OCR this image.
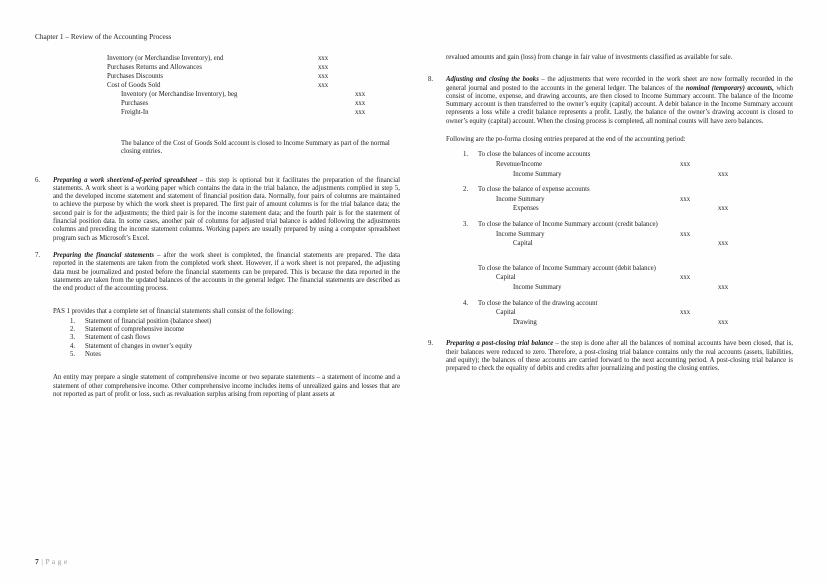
Chapter 1 – Review of the Accounting Process
Inventory (or Merchandise Inventory), end	xxx
Purchases Returns and Allowances	xxx
Purchases Discounts	xxx
Cost of Goods Sold	xxx
Inventory (or Merchandise Inventory), beg	xxx
Purchases	xxx
Freight-In	xxx

The balance of the Cost of Goods Sold account is closed to Income Summary as part of the normal closing entries.

6.	Preparing a work sheet/end-of-period spreadsheet – this step is optional but it facilitates the preparation of the financial statements. A work sheet is a working paper which contains the data in the trial balance, the adjustments complied in step 5, and the developed income statement and statement of financial position data. Normally, four pairs of columns are maintained to achieve the purpose by which the work sheet is prepared. The first pair of amount columns is for the trial balance data; the second pair is for the adjustments; the third pair is for the income statement data; and the fourth pair is for the statement of financial position data. In some cases, another pair of columns for adjusted trial balance is added following the adjustments columns and preceding the income statement columns. Working papers are usually prepared by using a computer spreadsheet program such as Microsoft’s Excel.

7.	Preparing the financial statements – after the work sheet is completed, the financial statements are prepared. The data reported in the statements are taken from the completed work sheet. However, if a work sheet is not prepared, the adjusting data must be journalized and posted before the financial statements can be prepared. This is because the data reported in the statements are taken from the updated balances of the accounts in the general ledger. The financial statements are described as the end product of the accounting process.

PAS 1 provides that a complete set of financial statements shall consist of the following:

1.	Statement of financial position (balance sheet)
2.	Statement of comprehensive income
3.	Statement of cash flows
4.	Statement of changes in owner’s equity
5.	Notes

An entity may prepare a single statement of comprehensive income or two separate statements – a statement of income and a statement of other comprehensive income. Other comprehensive income includes items of unrealized gains and losses that are not reported as part of profit or loss, such as revaluation surplus arising from reporting of plant assets at

revalued amounts and gain (loss) from change in fair value of investments classified as available for sale.

8.	Adjusting and closing the books – the adjustments that were recorded in the work sheet are now formally recorded in the general journal and posted to the accounts in the general ledger. The balances of the nominal (temporary) accounts, which consist of income, expense, and drawing accounts, are then closed to Income Summary account. The balance of the Income Summary account is then transferred to the owner’s equity (capital) account. A debit balance in the Income Summary account represents a loss while a credit balance represents a profit. Lastly, the balance of the owner’s drawing account is closed to owner’s equity (capital) account. When the closing process is completed, all nominal counts will have zero balances.

Following are the po-forma closing entries prepared at the end of the accounting period:

1.	To close the balances of income accounts
Revenue/Income	xxx
Income Summary	xxx
2.	To close the balance of expense accounts
Income Summary	xxx
Expenses	xxx
3.	To close the balance of Income Summary account (credit balance)
Income Summary	xxx
Capital	xxx
To close the balance of Income Summary account (debit balance)
Capital	xxx
Income Summary	xxx
4.	To close the balance of the drawing account
Capital	xxx
Drawing	xxx
9.	Preparing a post-closing trial balance – the step is done after all the balances of nominal accounts have been closed, that is, their balances were reduced to zero. Therefore, a post-closing trial balance contains only the real accounts (assets, liabilities, and equity); the balances of these accounts are carried forward to the next accounting period. A post-closing trial balance is prepared to check the equality of debits and credits after journalizing and posting the closing entries.

7 | P a g e
